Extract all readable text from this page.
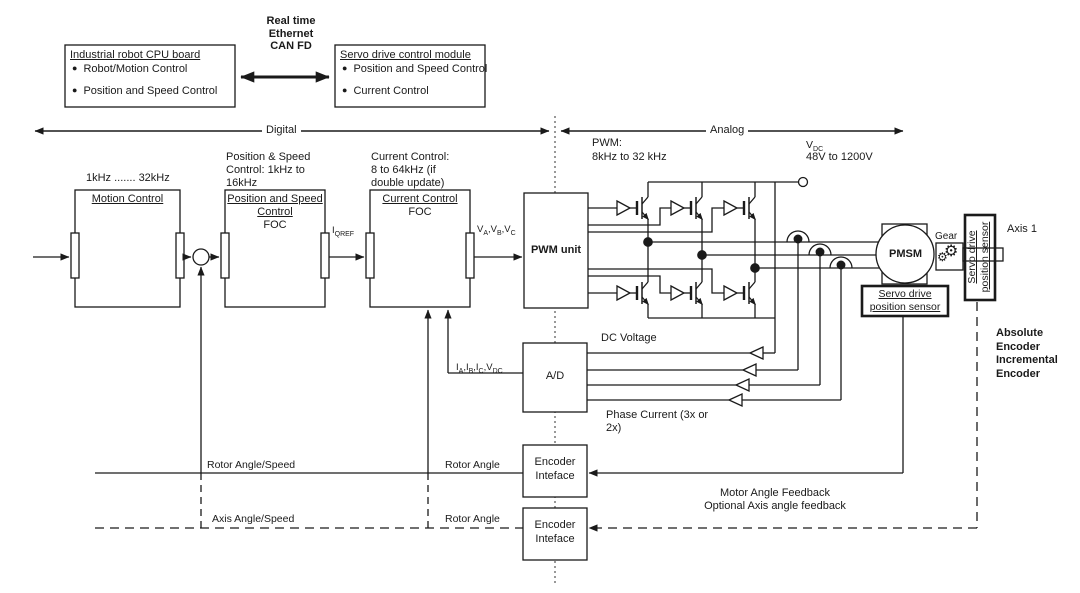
Industrial robot CPU board
● Robot/Motion Control
● Position and Speed Control
Real time
Ethernet
CAN FD
Servo drive control module
● Position and Speed Control
● Current Control
Digital	Analog
PWM:
8kHz to 32 kHz
$V_{DC}$
48V to 1200V
1kHz ....... 32kHz
Position & Speed
Control: 1kHz to
16kHz
Current Control:
8 to 64kHz (if
double update)
Motion Control	Position and Speed
Control
FOC
Current Control
FOC
$I_{QREF}$	$V_A,V_B,V_C$
PWM unit
$I_A,I_B,I_C,V_{DC}$	A/D
DC Voltage
Phase Current (3x or
2x)
Encoder
Inteface
Encoder
Inteface
Rotor Angle/Speed
Axis Angle/Speed
Rotor Angle
Rotor Angle
Motor Angle Feedback
Optional Axis angle feedback
PMSM
Gear
⚙
⚙
Servo drive
position sensor
Servo drive
position sensor Axis 1
Absolute
Encoder
Incremental
Encoder
